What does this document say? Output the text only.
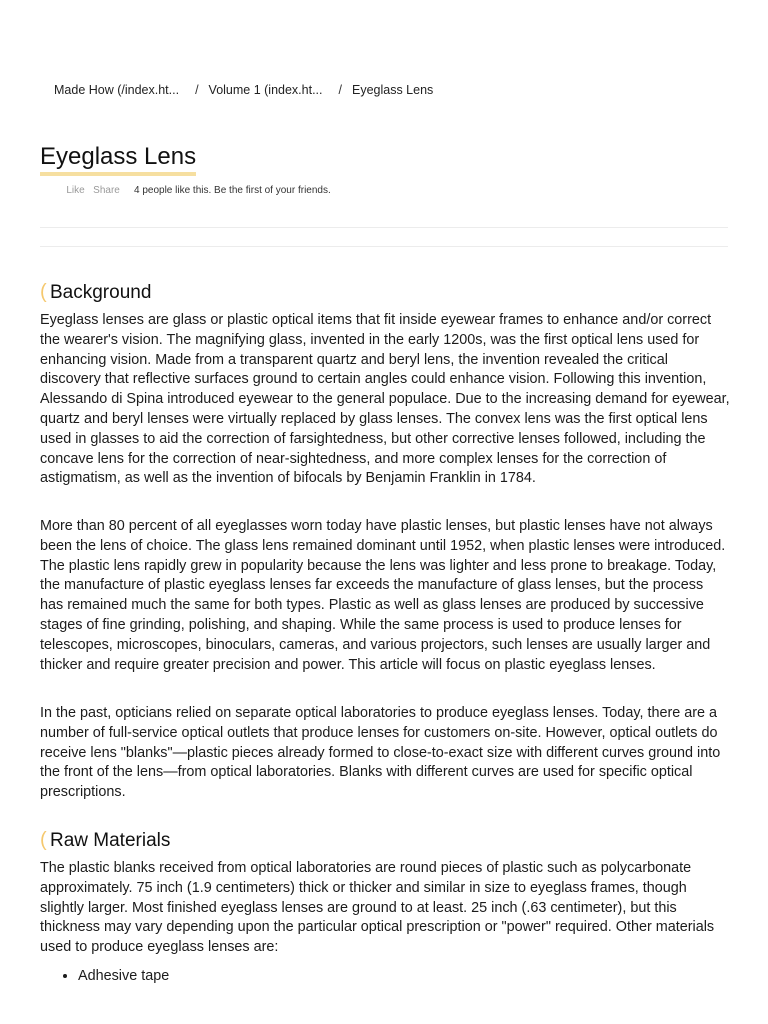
Made How (/index.ht... / Volume 1 (index.ht... / Eyeglass Lens
Eyeglass Lens
Like Share 4 people like this. Be the first of your friends.
( Background

Eyeglass lenses are glass or plastic optical items that fit inside eyewear frames to enhance and/or correct the wearer's vision. The magnifying glass, invented in the early 1200s, was the first optical lens used for enhancing vision. Made from a transparent quartz and beryl lens, the invention revealed the critical discovery that reflective surfaces ground to certain angles could enhance vision. Following this invention, Alessando di Spina introduced eyewear to the general populace. Due to the increasing demand for eyewear, quartz and beryl lenses were virtually replaced by glass lenses. The convex lens was the first optical lens used in glasses to aid the correction of farsightedness, but other corrective lenses followed, including the concave lens for the correction of near-sightedness, and more complex lenses for the correction of astigmatism, as well as the invention of bifocals by Benjamin Franklin in 1784.

More than 80 percent of all eyeglasses worn today have plastic lenses, but plastic lenses have not always been the lens of choice. The glass lens remained dominant until 1952, when plastic lenses were introduced. The plastic lens rapidly grew in popularity because the lens was lighter and less prone to breakage. Today, the manufacture of plastic eyeglass lenses far exceeds the manufacture of glass lenses, but the process has remained much the same for both types. Plastic as well as glass lenses are produced by successive stages of fine grinding, polishing, and shaping. While the same process is used to produce lenses for telescopes, microscopes, binoculars, cameras, and various projectors, such lenses are usually larger and thicker and require greater precision and power. This article will focus on plastic eyeglass lenses.

In the past, opticians relied on separate optical laboratories to produce eyeglass lenses. Today, there are a number of full-service optical outlets that produce lenses for customers on-site. However, optical outlets do receive lens "blanks"—plastic pieces already formed to close-to-exact size with different curves ground into the front of the lens—from optical laboratories. Blanks with different curves are used for specific optical prescriptions.

( Raw Materials

The plastic blanks received from optical laboratories are round pieces of plastic such as polycarbonate approximately. 75 inch (1.9 centimeters) thick or thicker and similar in size to eyeglass frames, though slightly larger. Most finished eyeglass lenses are ground to at least. 25 inch (.63 centimeter), but this thickness may vary depending upon the particular optical prescription or "power" required. Other materials used to produce eyeglass lenses are:

• Adhesive tape
